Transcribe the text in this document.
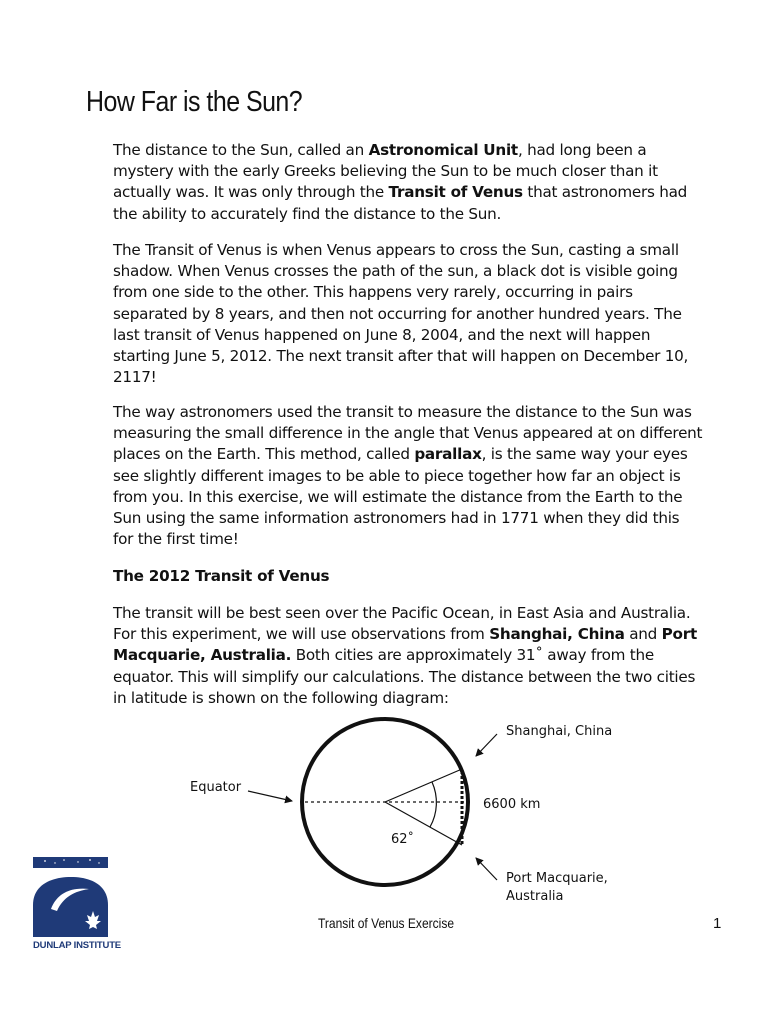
How Far is the Sun?

The distance to the Sun, called an Astronomical Unit, had long been a mystery with the early Greeks believing the Sun to be much closer than it actually was. It was only through the Transit of Venus that astronomers had the ability to accurately find the distance to the Sun.

The Transit of Venus is when Venus appears to cross the Sun, casting a small shadow. When Venus crosses the path of the sun, a black dot is visible going from one side to the other. This happens very rarely, occurring in pairs separated by 8 years, and then not occurring for another hundred years. The last transit of Venus happened on June 8, 2004, and the next will happen starting June 5, 2012. The next transit after that will happen on December 10, 2117!

The way astronomers used the transit to measure the distance to the Sun was measuring the small difference in the angle that Venus appeared at on different places on the Earth. This method, called parallax, is the same way your eyes see slightly different images to be able to piece together how far an object is from you. In this exercise, we will estimate the distance from the Earth to the Sun using the same information astronomers had in 1771 when they did this for the first time!

The 2012 Transit of Venus

The transit will be best seen over the Pacific Ocean, in East Asia and Australia. For this experiment, we will use observations from Shanghai, China and Port Macquarie, Australia. Both cities are approximately 31˚ away from the equator. This will simplify our calculations. The distance between the two cities in latitude is shown on the following diagram:

Shanghai, China
Equator
6600 km
62˚
Port Macquarie,
Australia

DUNLAP INSTITUTE

Transit of Venus Exercise	1
